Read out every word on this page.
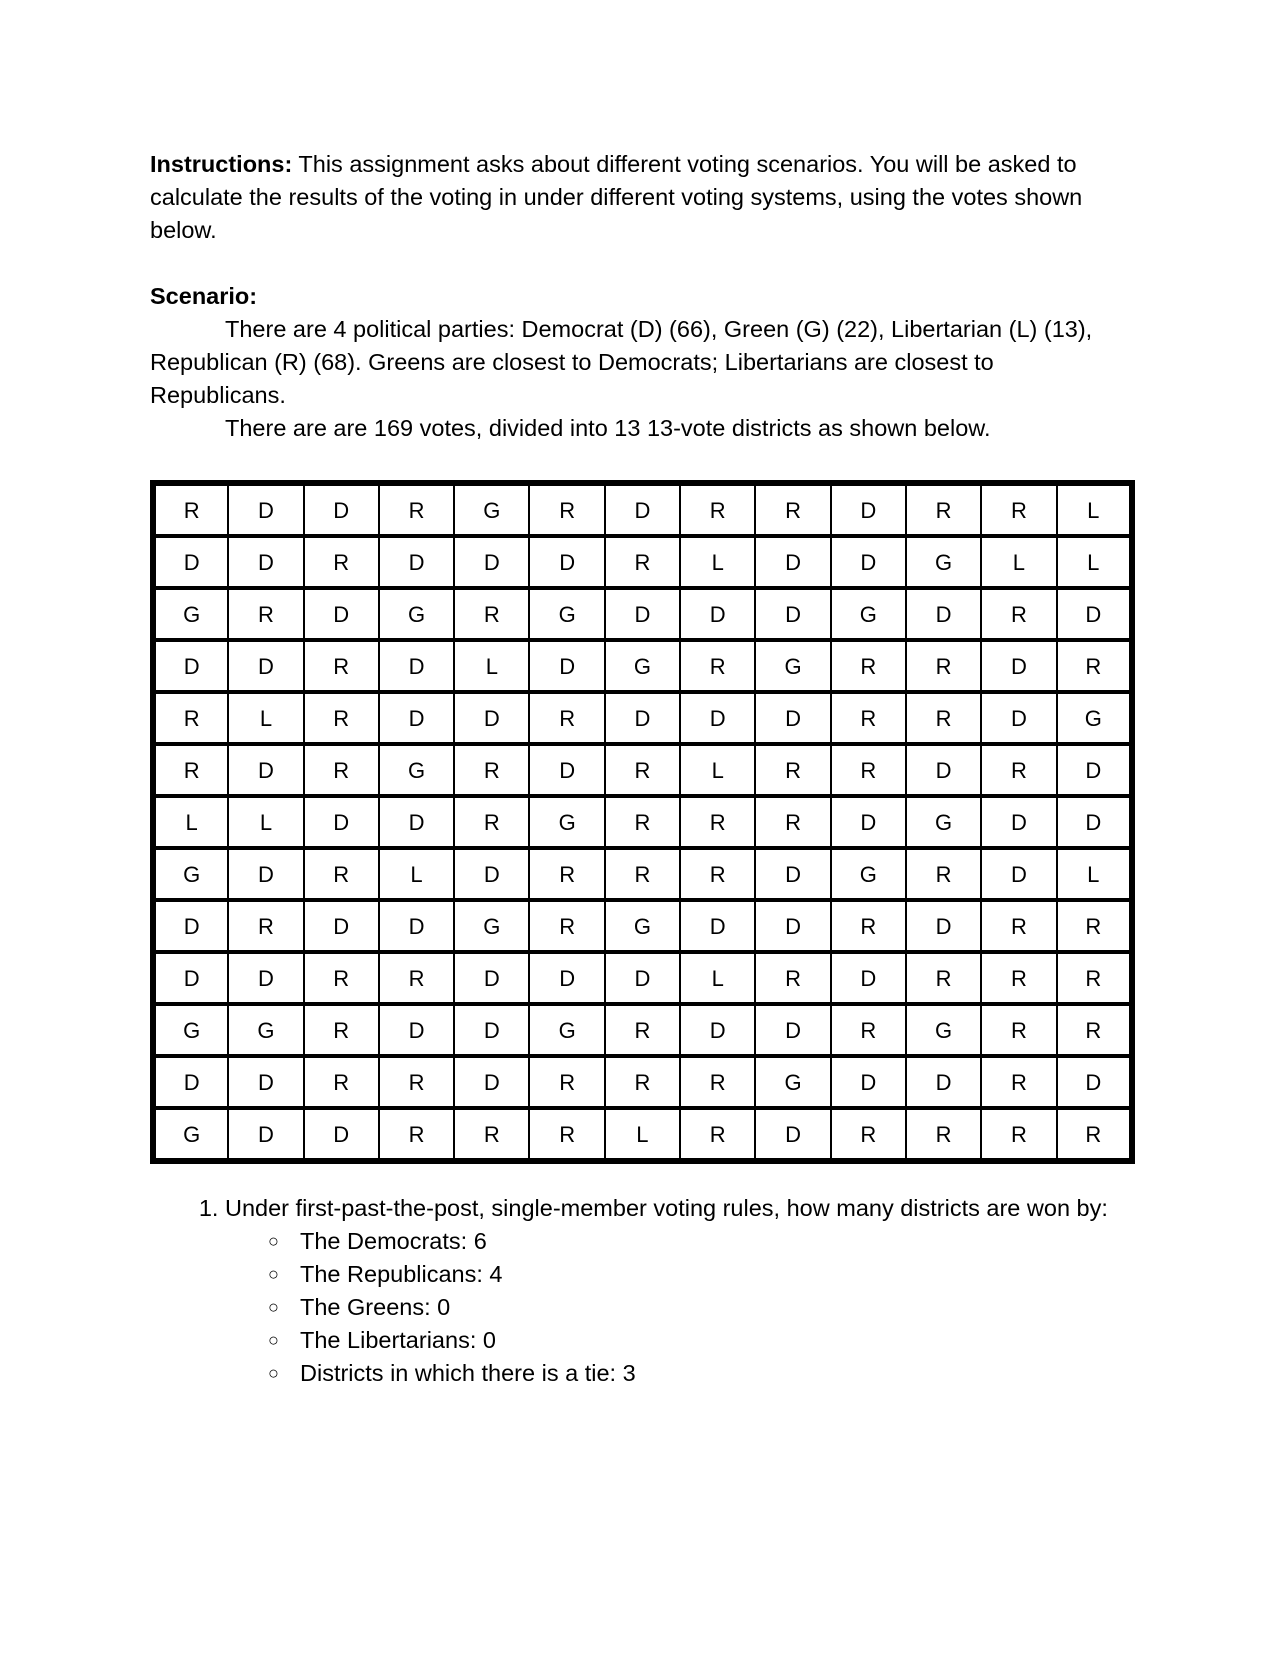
Instructions: This assignment asks about different voting scenarios. You will be asked to calculate the results of the voting in under different voting systems, using the votes shown below.

Scenario:

There are 4 political parties: Democrat (D) (66), Green (G) (22), Libertarian (L) (13), Republican (R) (68). Greens are closest to Democrats; Libertarians are closest to Republicans.

There are are 169 votes, divided into 13 13-vote districts as shown below.

R	D	D	R	G	R	D	R	R	D	R	R	L
D	D	R	D	D	D	R	L	D	D	G	L	L
G	R	D	G	R	G	D	D	D	G	D	R	D
D	D	R	D	L	D	G	R	G	R	R	D	R
R	L	R	D	D	R	D	D	D	R	R	D	G
R	D	R	G	R	D	R	L	R	R	D	R	D
L	L	D	D	R	G	R	R	R	D	G	D	D
G	D	R	L	D	R	R	R	D	G	R	D	L
D	R	D	D	G	R	G	D	D	R	D	R	R
D	D	R	R	D	D	D	L	R	D	R	R	R
G	G	R	D	D	G	R	D	D	R	G	R	R
D	D	R	R	D	R	R	R	G	D	D	R	D
G	D	D	R	R	R	L	R	D	R	R	R	R
1. Under first-past-the-post, single-member voting rules, how many districts are won by:
○ The Democrats: 6
○ The Republicans: 4
○ The Greens: 0
○ The Libertarians: 0
○ Districts in which there is a tie: 3
